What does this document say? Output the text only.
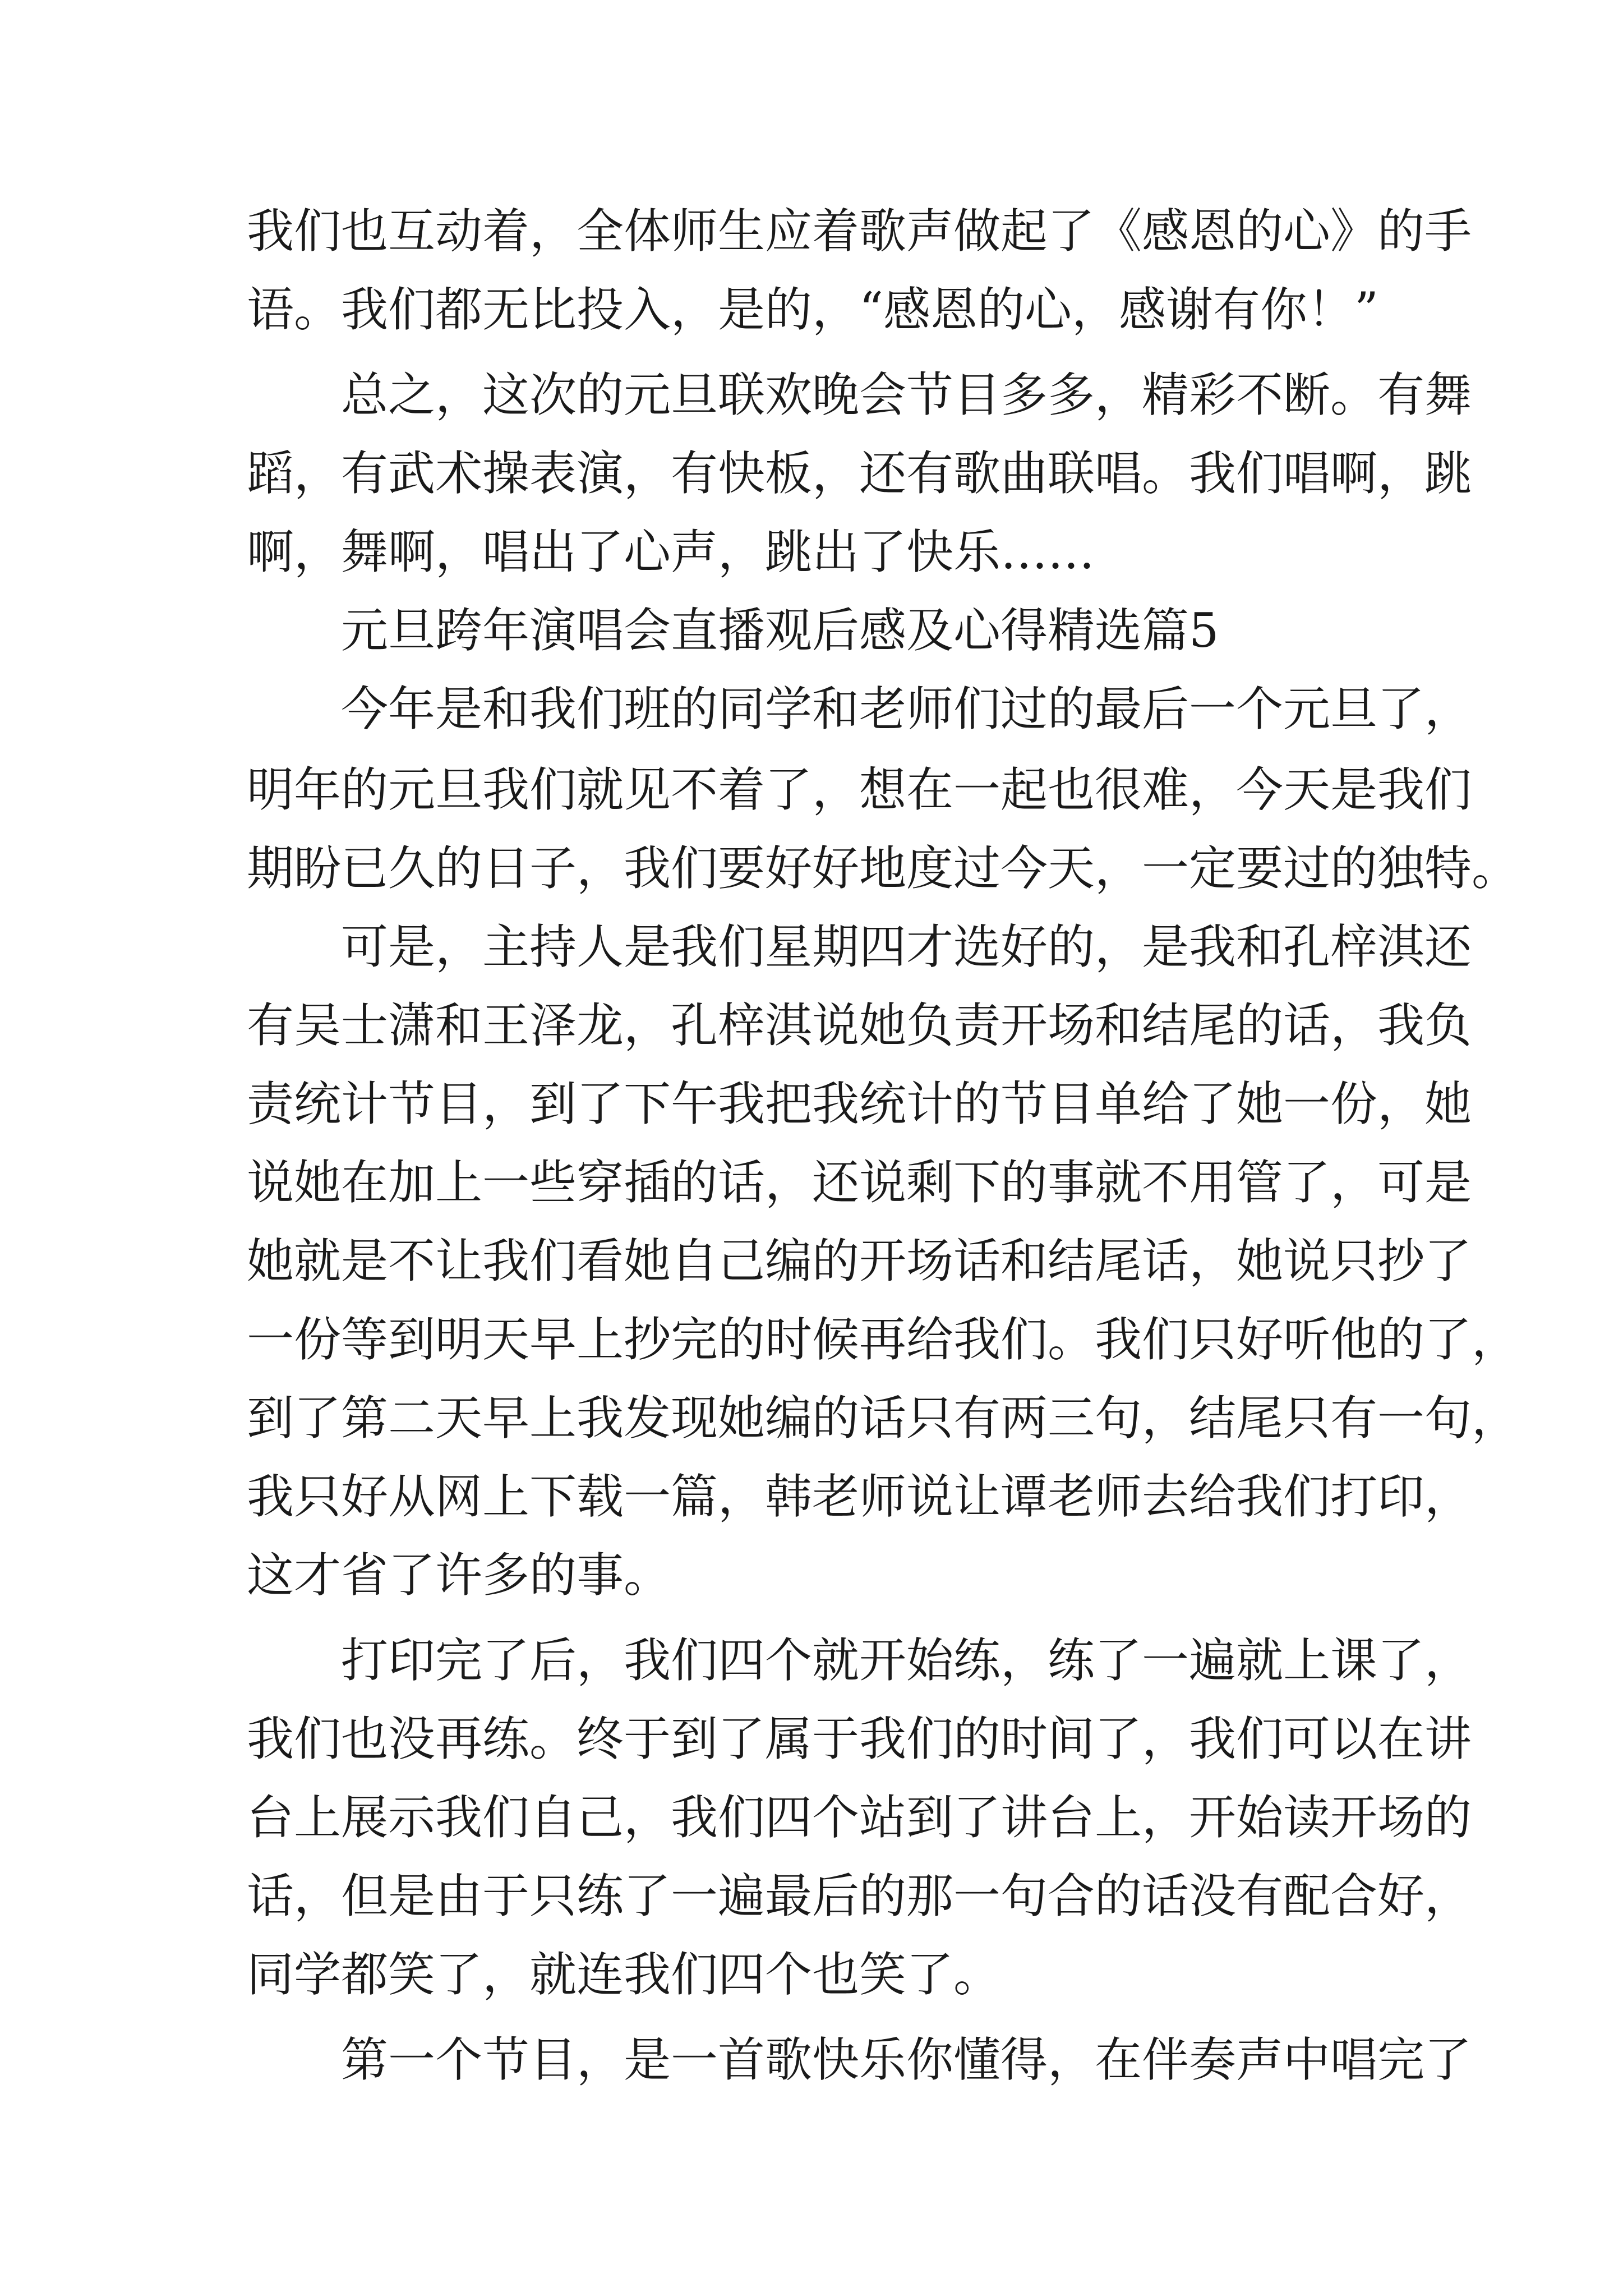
我们也互动着，全体师生应着歌声做起了《感恩的心》的手
语。我们都无比投入，是的，“感恩的心，感谢有你！”
总之，这次的元旦联欢晚会节目多多，精彩不断。有舞
蹈，有武术操表演，有快板，还有歌曲联唱。我们唱啊，跳
啊，舞啊，唱出了心声，跳出了快乐……
元旦跨年演唱会直播观后感及心得精选篇5
今年是和我们班的同学和老师们过的最后一个元旦了，
明年的元旦我们就见不着了，想在一起也很难，今天是我们
期盼已久的日子，我们要好好地度过今天，一定要过的独特。
可是，主持人是我们星期四才选好的，是我和孔梓淇还
有吴士潇和王泽龙，孔梓淇说她负责开场和结尾的话，我负
责统计节目，到了下午我把我统计的节目单给了她一份，她
说她在加上一些穿插的话，还说剩下的事就不用管了，可是
她就是不让我们看她自己编的开场话和结尾话，她说只抄了
一份等到明天早上抄完的时候再给我们。我们只好听他的了，
到了第二天早上我发现她编的话只有两三句，结尾只有一句，
我只好从网上下载一篇，韩老师说让谭老师去给我们打印，
这才省了许多的事。
打印完了后，我们四个就开始练，练了一遍就上课了，
我们也没再练。终于到了属于我们的时间了，我们可以在讲
台上展示我们自己，我们四个站到了讲台上，开始读开场的
话，但是由于只练了一遍最后的那一句合的话没有配合好，
同学都笑了，就连我们四个也笑了。
第一个节目，是一首歌快乐你懂得，在伴奏声中唱完了
